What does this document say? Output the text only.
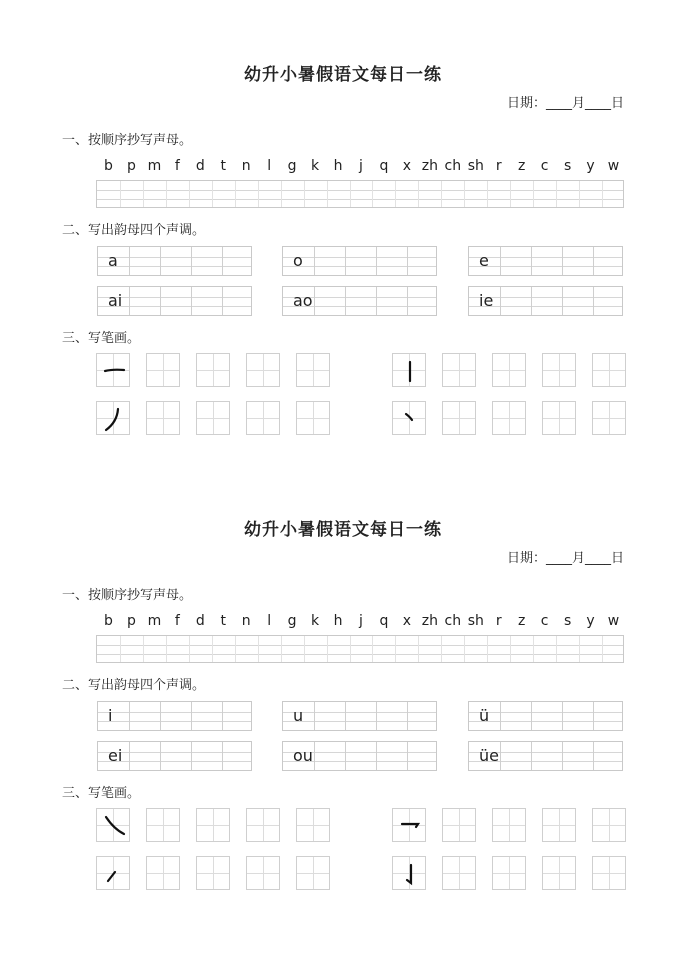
幼升小暑假语文每日一练
日期：____月____日
一、按顺序抄写声母。
b p m f d t n l g k h j q x zh ch sh r z c s y w
二、写出韵母四个声调。
a	o	e
ai	ao	ie
三、写笔画。
幼升小暑假语文每日一练
日期：____月____日
一、按顺序抄写声母。
b p m f d t n l g k h j q x zh ch sh r z c s y w
二、写出韵母四个声调。
i	u	ü
ei	ou	üe
三、写笔画。
